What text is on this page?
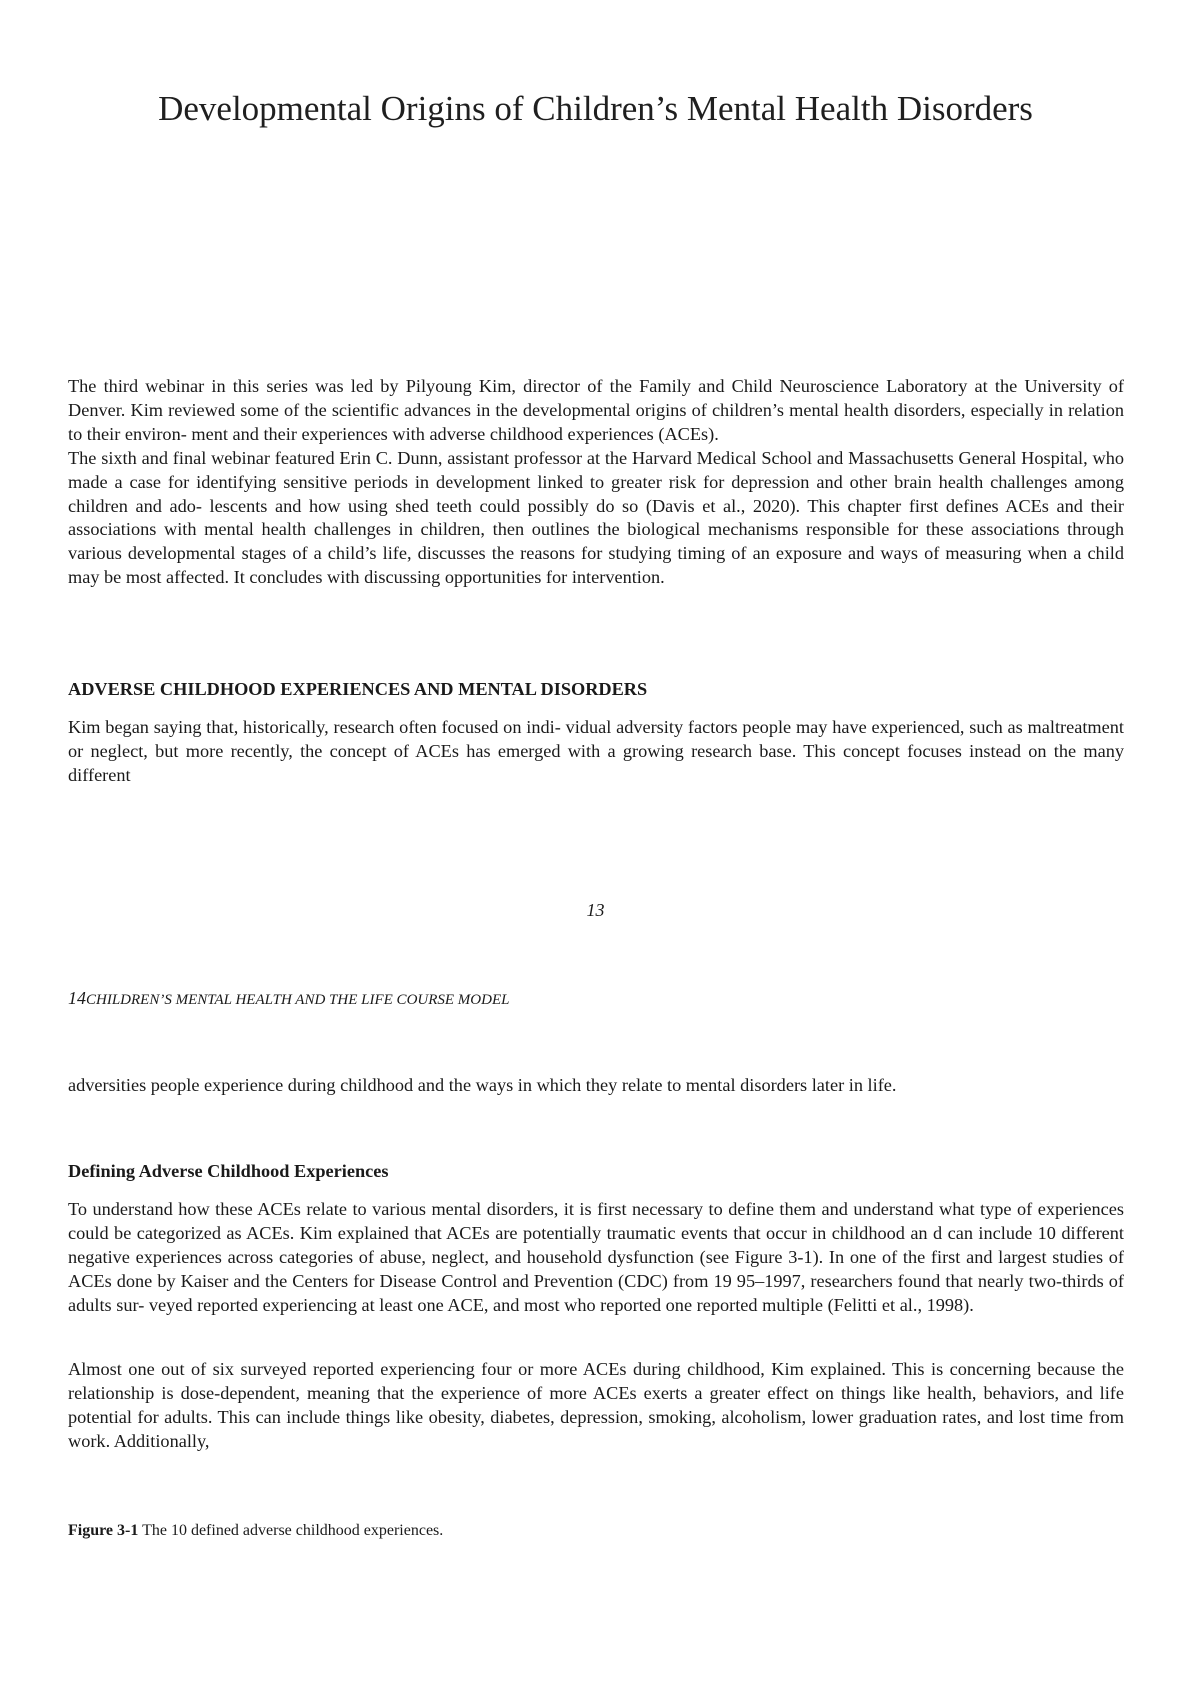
Developmental Origins of Children’s Mental Health Disorders

The third webinar in this series was led by Pilyoung Kim, director of the Family and Child Neuroscience Laboratory at the University of Denver. Kim reviewed some of the scientific advances in the developmental origins of children’s mental health disorders, especially in relation to their environ- ment and their experiences with adverse childhood experiences (ACEs).

The sixth and final webinar featured Erin C. Dunn, assistant professor at the Harvard Medical School and Massachusetts General Hospital, who made a case for identifying sensitive periods in development linked to greater risk for depression and other brain health challenges among children and ado- lescents and how using shed teeth could possibly do so (Davis et al., 2020). This chapter first defines ACEs and their associations with mental health challenges in children, then outlines the biological mechanisms responsible for these associations through various developmental stages of a child’s life, discusses the reasons for studying timing of an exposure and ways of measuring when a child may be most affected. It concludes with discussing opportunities for intervention.

ADVERSE CHILDHOOD EXPERIENCES AND MENTAL DISORDERS

Kim began saying that, historically, research often focused on indi- vidual adversity factors people may have experienced, such as maltreatment or neglect, but more recently, the concept of ACEs has emerged with a growing research base. This concept focuses instead on the many different

13

14CHILDREN’S MENTAL HEALTH AND THE LIFE COURSE MODEL

adversities people experience during childhood and the ways in which they relate to mental disorders later in life.

Defining Adverse Childhood Experiences

To understand how these ACEs relate to various mental disorders, it is first necessary to define them and understand what type of experiences could be categorized as ACEs. Kim explained that ACEs are potentially traumatic events that occur in childhood an d can include 10 different negative experiences across categories of abuse, neglect, and household dysfunction (see Figure 3-1). In one of the first and largest studies of ACEs done by Kaiser and the Centers for Disease Control and Prevention (CDC) from 19 95–1997, researchers found that nearly two-thirds of adults sur- veyed reported experiencing at least one ACE, and most who reported one reported multiple (Felitti et al., 1998).

Almost one out of six surveyed reported experiencing four or more ACEs during childhood, Kim explained. This is concerning because the relationship is dose-dependent, meaning that the experience of more ACEs exerts a greater effect on things like health, behaviors, and life potential for adults. This can include things like obesity, diabetes, depression, smoking, alcoholism, lower graduation rates, and lost time from work. Additionally,

Figure 3-1 The 10 defined adverse childhood experiences.
